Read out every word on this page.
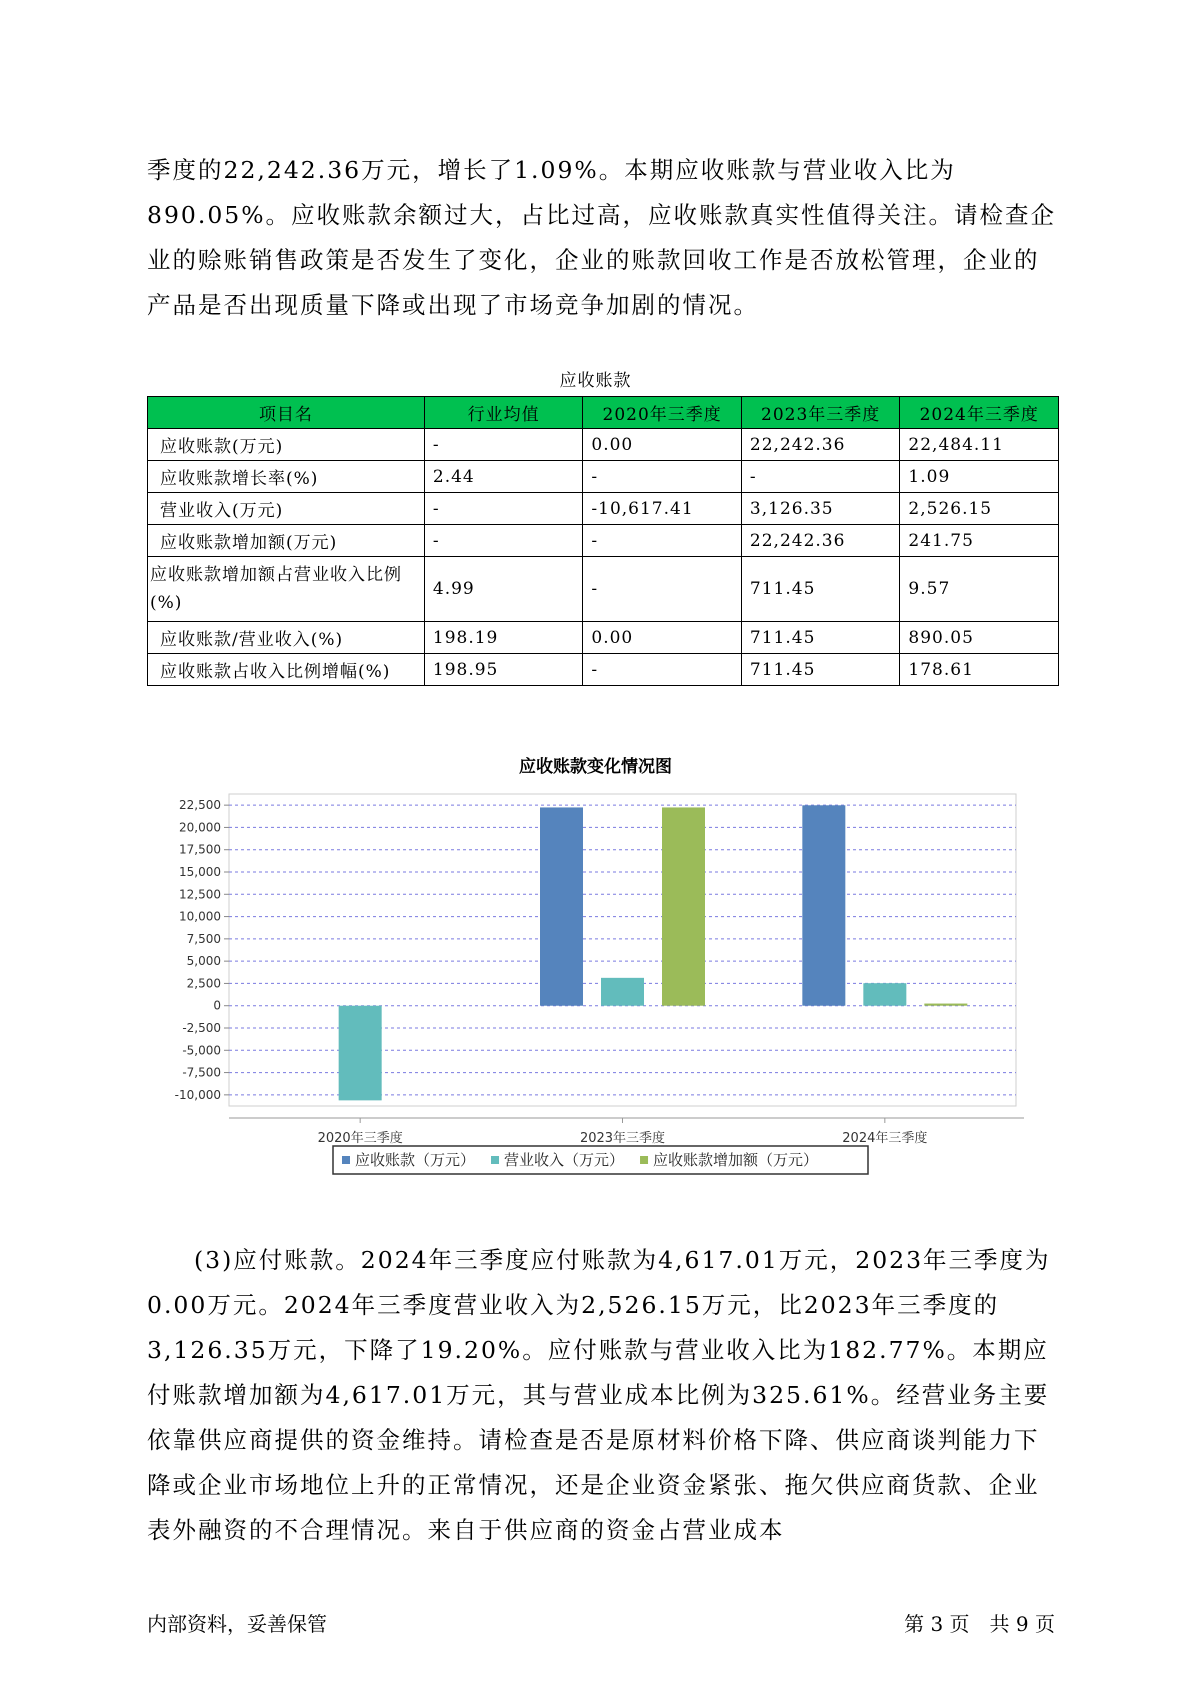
季度的22,242.36万元，增长了1.09%。本期应收账款与营业收入比为890.05%。应收账款余额过大，占比过高，应收账款真实性值得关注。请检查企业的赊账销售政策是否发生了变化，企业的账款回收工作是否放松管理，企业的产品是否出现质量下降或出现了市场竞争加剧的情况。

应收账款
项目名	行业均值	2020年三季度	2023年三季度	2024年三季度
应收账款(万元)	-	0.00	22,242.36	22,484.11
应收账款增长率(%)	2.44	-	-	1.09
营业收入(万元)	-	-10,617.41	3,126.35	2,526.15
应收账款增加额(万元)	-	-	22,242.36	241.75
应收账款增加额占营业收入比例(%)	4.99	-	711.45	9.57
应收账款/营业收入(%)	198.19	0.00	711.45	890.05
应收账款占收入比例增幅(%)	198.95	-	711.45	178.61
应收账款变化情况图
22,500
20,000
17,500
15,000
12,500
10,000
7,500
5,000
2,500
0
-2,500
-5,000
-7,500
-10,000
2020年三季度	2023年三季度	2024年三季度
应收账款（万元） 营业收入（万元） 应收账款增加额（万元）

(3)应付账款。2024年三季度应付账款为4,617.01万元，2023年三季度为0.00万元。2024年三季度营业收入为2,526.15万元，比2023年三季度的3,126.35万元，下降了19.20%。应付账款与营业收入比为182.77%。本期应付账款增加额为4,617.01万元，其与营业成本比例为325.61%。经营业务主要依靠供应商提供的资金维持。请检查是否是原材料价格下降、供应商谈判能力下降或企业市场地位上升的正常情况，还是企业资金紧张、拖欠供应商货款、企业表外融资的不合理情况。来自于供应商的资金占营业成本

内部资料，妥善保管	第 3 页　共 9 页
